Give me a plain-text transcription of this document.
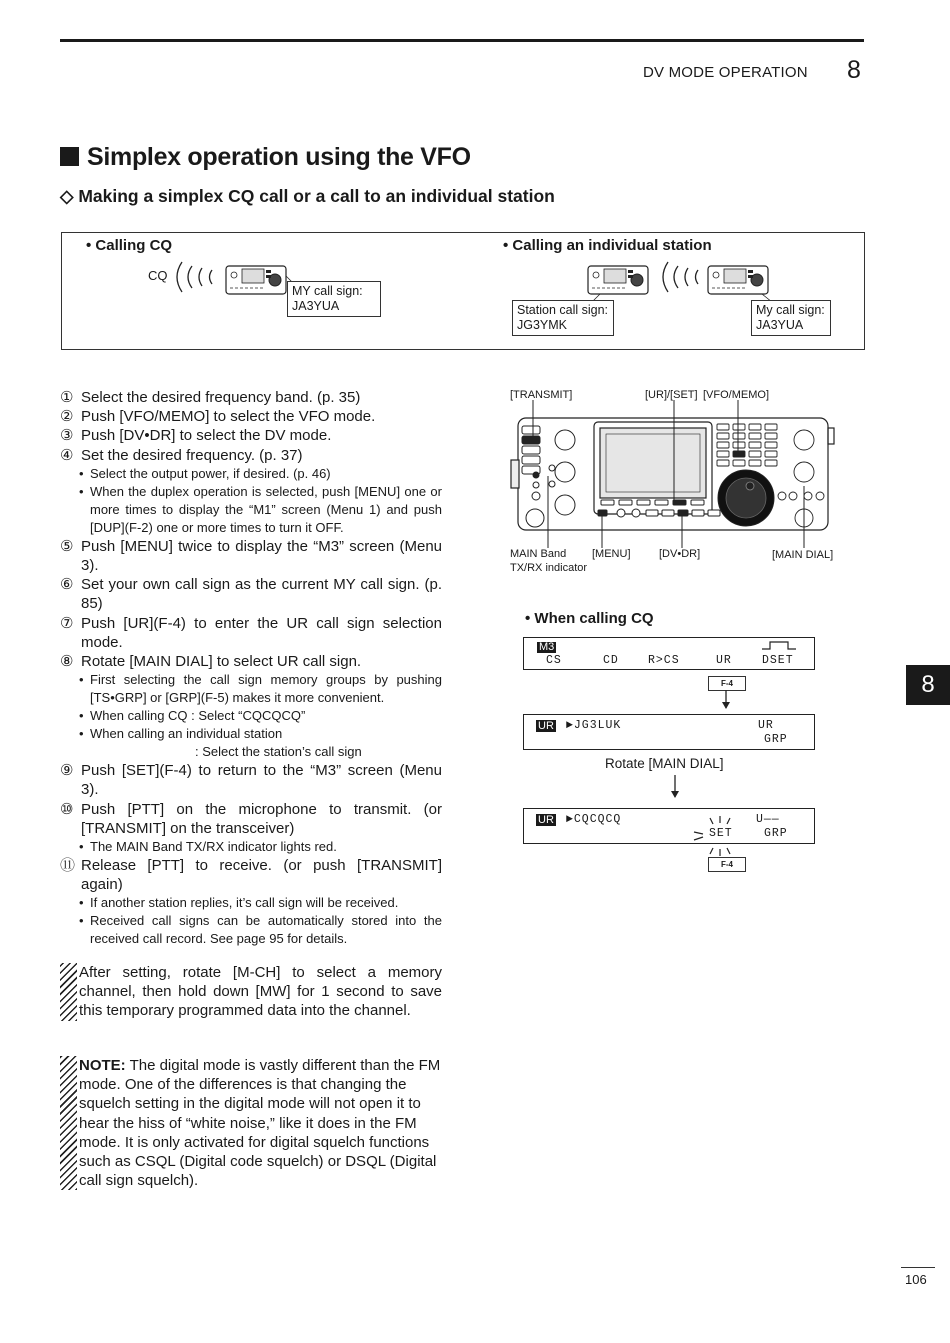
DV MODE OPERATION 8
Simplex operation using the VFO
◇ Making a simplex CQ call or a call to an individual station
• Calling CQ
CQ
MY call sign:
JA3YUA
• Calling an individual station
Station call sign:
JG3YMK
My call sign:
JA3YUA
① Select the desired frequency band. (p. 35)
② Push [VFO/MEMO] to select the VFO mode.
③ Push [DV•DR] to select the DV mode.
④ Set the desired frequency. (p. 37)
• Select the output power, if desired. (p. 46)
• When the duplex operation is selected, push [MENU] one or more times to display the “M1” screen (Menu 1) and push [DUP](F-2) one or more times to turn it OFF.
⑤ Push [MENU] twice to display the “M3” screen (Menu 3).
⑥ Set your own call sign as the current MY call sign. (p. 85)
⑦ Push [UR](F-4) to enter the UR call sign selection mode.
⑧ Rotate [MAIN DIAL] to select UR call sign.
• First selecting the call sign memory groups by pushing [TS•GRP] or [GRP](F-5) makes it more convenient.
• When calling CQ : Select “CQCQCQ”
• When calling an individual station
: Select the station’s call sign
⑨ Push [SET](F-4) to return to the “M3” screen (Menu 3).
⑩ Push [PTT] on the microphone to transmit. (or [TRANSMIT] on the transceiver)
• The MAIN Band TX/RX indicator lights red.
⑪ Release [PTT] to receive. (or push [TRANSMIT] again)
• If another station replies, it’s call sign will be received.
• Received call signs can be automatically stored into the received call record. See page 95 for details.
After setting, rotate [M-CH] to select a memory channel, then hold down [MW] for 1 second to save this temporary programmed data into the channel.
NOTE: The digital mode is vastly different than the FM mode. One of the differences is that changing the squelch setting in the digital mode will not open it to hear the hiss of “white noise,” like it does in the FM mode. It is only activated for digital squelch functions such as CSQL (Digital code squelch) or DSQL (Digital call sign squelch).
[TRANSMIT]	[UR]/[SET] [VFO/MEMO]
MAIN Band
TX/RX indicator
[MENU]	[DV•DR]	[MAIN DIAL]
• When calling CQ
M3
CS	CD	R>CS	UR	DSET
F-4
UR ►JG3LUK	UR
GRP
Rotate [MAIN DIAL]
UR ►CQCQCQ	U——
SET	GRP
F-4
8
106
